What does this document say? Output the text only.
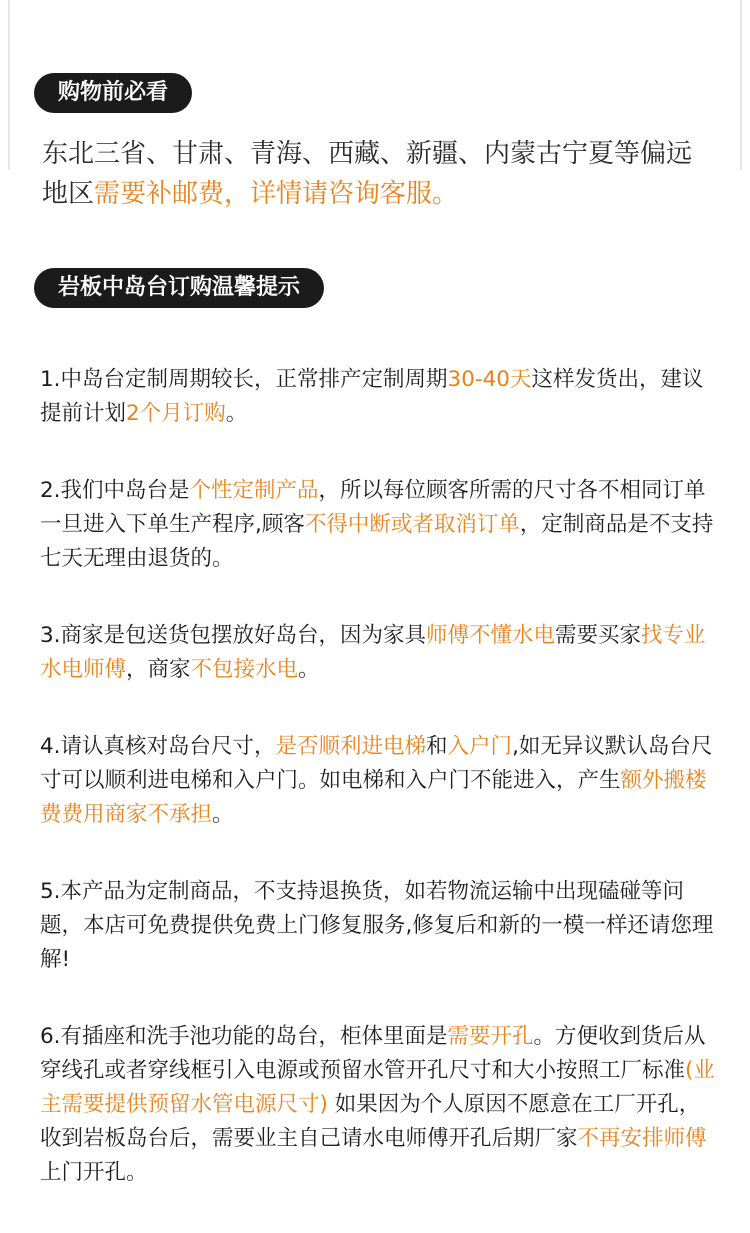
购物前必看
东北三省、甘肃、青海、西藏、新疆、内蒙古宁夏等偏远地区需要补邮费，详情请咨询客服。
岩板中岛台订购温馨提示

1.中岛台定制周期较长，正常排产定制周期30-40天这样发货出，建议提前计划2个月订购。

2.我们中岛台是个性定制产品，所以每位顾客所需的尺寸各不相同订单一旦进入下单生产程序,顾客不得中断或者取消订单，定制商品是不支持七天无理由退货的。

3.商家是包送货包摆放好岛台，因为家具师傅不懂水电需要买家找专业水电师傅，商家不包接水电。

4.请认真核对岛台尺寸，是否顺利进电梯和入户门,如无异议默认岛台尺寸可以顺利进电梯和入户门。如电梯和入户门不能进入，产生额外搬楼费费用商家不承担。

5.本产品为定制商品，不支持退换货，如若物流运输中出现磕碰等问题，本店可免费提供免费上门修复服务,修复后和新的一模一样还请您理解!

6.有插座和洗手池功能的岛台，柜体里面是需要开孔。方便收到货后从穿线孔或者穿线框引入电源或预留水管开孔尺寸和大小按照工厂标准(业主需要提供预留水管电源尺寸) 如果因为个人原因不愿意在工厂开孔，收到岩板岛台后，需要业主自己请水电师傅开孔后期厂家不再安排师傅上门开孔。
